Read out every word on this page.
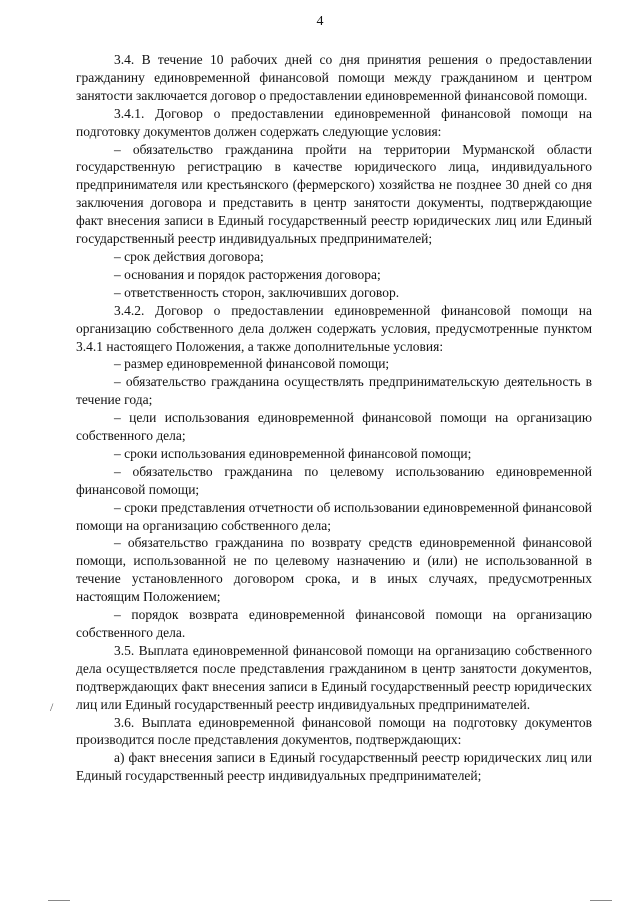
4

3.4. В течение 10 рабочих дней со дня принятия решения о предоставлении гражданину единовременной финансовой помощи между гражданином и центром занятости заключается договор о предоставлении единовременной финансовой помощи.

3.4.1. Договор о предоставлении единовременной финансовой помощи на подготовку документов должен содержать следующие условия:

– обязательство гражданина пройти на территории Мурманской области государственную регистрацию в качестве юридического лица, индивидуального предпринимателя или крестьянского (фермерского) хозяйства не позднее 30 дней со дня заключения договора и представить в центр занятости документы, подтверждающие факт внесения записи в Единый государственный реестр юридических лиц или Единый государственный реестр индивидуальных предпринимателей;

– срок действия договора;

– основания и порядок расторжения договора;

– ответственность сторон, заключивших договор.

3.4.2. Договор о предоставлении единовременной финансовой помощи на организацию собственного дела должен содержать условия, предусмотренные пунктом 3.4.1 настоящего Положения, а также дополнительные условия:

– размер единовременной финансовой помощи;

– обязательство гражданина осуществлять предпринимательскую деятельность в течение года;

– цели использования единовременной финансовой помощи на организацию собственного дела;

– сроки использования единовременной финансовой помощи;

– обязательство гражданина по целевому использованию единовременной финансовой помощи;

– сроки представления отчетности об использовании единовременной финансовой помощи на организацию собственного дела;

– обязательство гражданина по возврату средств единовременной финансовой помощи, использованной не по целевому назначению и (или) не использованной в течение установленного договором срока, и в иных случаях, предусмотренных настоящим Положением;

– порядок возврата единовременной финансовой помощи на организацию собственного дела.

3.5. Выплата единовременной финансовой помощи на организацию собственного дела осуществляется после представления гражданином в центр занятости документов, подтверждающих факт внесения записи в Единый государственный реестр юридических лиц или Единый государственный реестр индивидуальных предпринимателей.

3.6. Выплата единовременной финансовой помощи на подготовку документов производится после представления документов, подтверждающих:

а) факт внесения записи в Единый государственный реестр юридических лиц или Единый государственный реестр индивидуальных предпринимателей;

/
